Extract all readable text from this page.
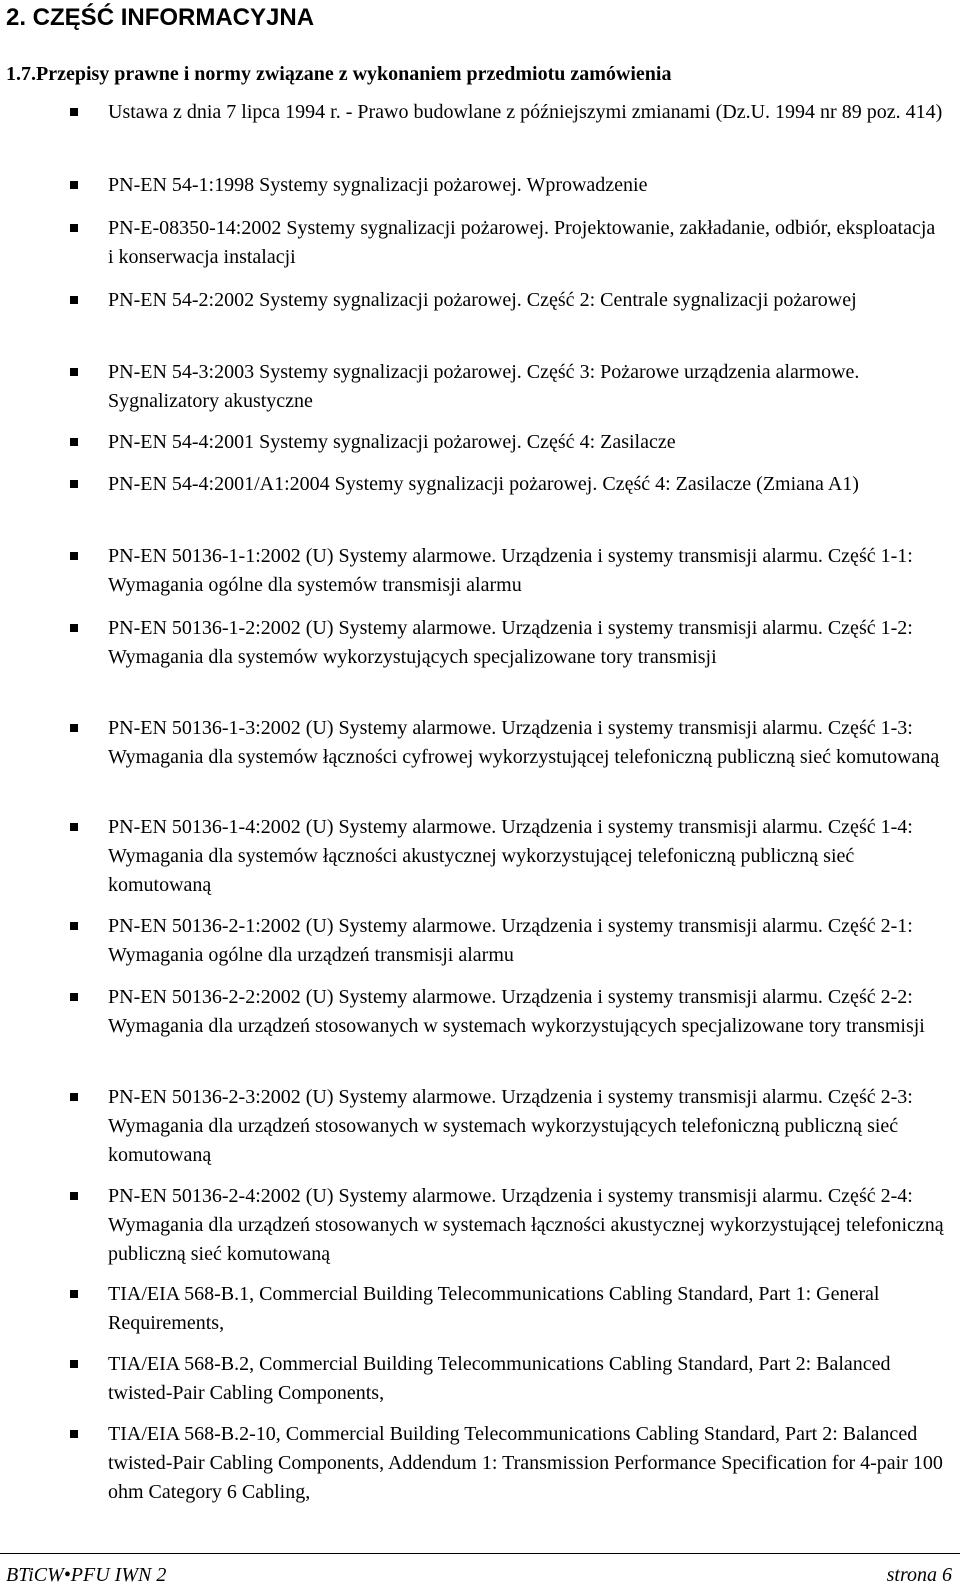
2. CZĘŚĆ INFORMACYJNA
1.7.Przepisy prawne i normy związane z wykonaniem przedmiotu zamówienia
Ustawa z dnia 7 lipca 1994 r. - Prawo budowlane z późniejszymi zmianami (Dz.U. 1994 nr 89 poz. 414)
PN-EN 54-1:1998 Systemy sygnalizacji pożarowej. Wprowadzenie
PN-E-08350-14:2002 Systemy sygnalizacji pożarowej. Projektowanie, zakładanie, odbiór, eksploatacja i konserwacja instalacji
PN-EN 54-2:2002 Systemy sygnalizacji pożarowej. Część 2: Centrale sygnalizacji pożarowej
PN-EN 54-3:2003 Systemy sygnalizacji pożarowej. Część 3: Pożarowe urządzenia alarmowe. Sygnalizatory akustyczne
PN-EN 54-4:2001 Systemy sygnalizacji pożarowej. Część 4: Zasilacze
PN-EN 54-4:2001/A1:2004 Systemy sygnalizacji pożarowej. Część 4: Zasilacze (Zmiana A1)
PN-EN 50136-1-1:2002 (U) Systemy alarmowe. Urządzenia i systemy transmisji alarmu. Część 1-1: Wymagania ogólne dla systemów transmisji alarmu
PN-EN 50136-1-2:2002 (U) Systemy alarmowe. Urządzenia i systemy transmisji alarmu. Część 1-2: Wymagania dla systemów wykorzystujących specjalizowane tory transmisji
PN-EN 50136-1-3:2002 (U) Systemy alarmowe. Urządzenia i systemy transmisji alarmu. Część 1-3: Wymagania dla systemów łączności cyfrowej wykorzystującej telefoniczną publiczną sieć komutowaną
PN-EN 50136-1-4:2002 (U) Systemy alarmowe. Urządzenia i systemy transmisji alarmu. Część 1-4: Wymagania dla systemów łączności akustycznej wykorzystującej telefoniczną publiczną sieć komutowaną
PN-EN 50136-2-1:2002 (U) Systemy alarmowe. Urządzenia i systemy transmisji alarmu. Część 2-1: Wymagania ogólne dla urządzeń transmisji alarmu
PN-EN 50136-2-2:2002 (U) Systemy alarmowe. Urządzenia i systemy transmisji alarmu. Część 2-2: Wymagania dla urządzeń stosowanych w systemach wykorzystujących specjalizowane tory transmisji
PN-EN 50136-2-3:2002 (U) Systemy alarmowe. Urządzenia i systemy transmisji alarmu. Część 2-3: Wymagania dla urządzeń stosowanych w systemach wykorzystujących telefoniczną publiczną sieć komutowaną
PN-EN 50136-2-4:2002 (U) Systemy alarmowe. Urządzenia i systemy transmisji alarmu. Część 2-4: Wymagania dla urządzeń stosowanych w systemach łączności akustycznej wykorzystującej telefoniczną publiczną sieć komutowaną
TIA/EIA 568-B.1, Commercial Building Telecommunications Cabling Standard, Part 1: General Requirements,
TIA/EIA 568-B.2, Commercial Building Telecommunications Cabling Standard, Part 2: Balanced twisted-Pair Cabling Components,
TIA/EIA 568-B.2-10, Commercial Building Telecommunications Cabling Standard, Part 2: Balanced twisted-Pair Cabling Components, Addendum 1: Transmission Performance Specification for 4-pair 100 ohm Category 6 Cabling,
BTiCW•PFU IWN 2	strona 6
